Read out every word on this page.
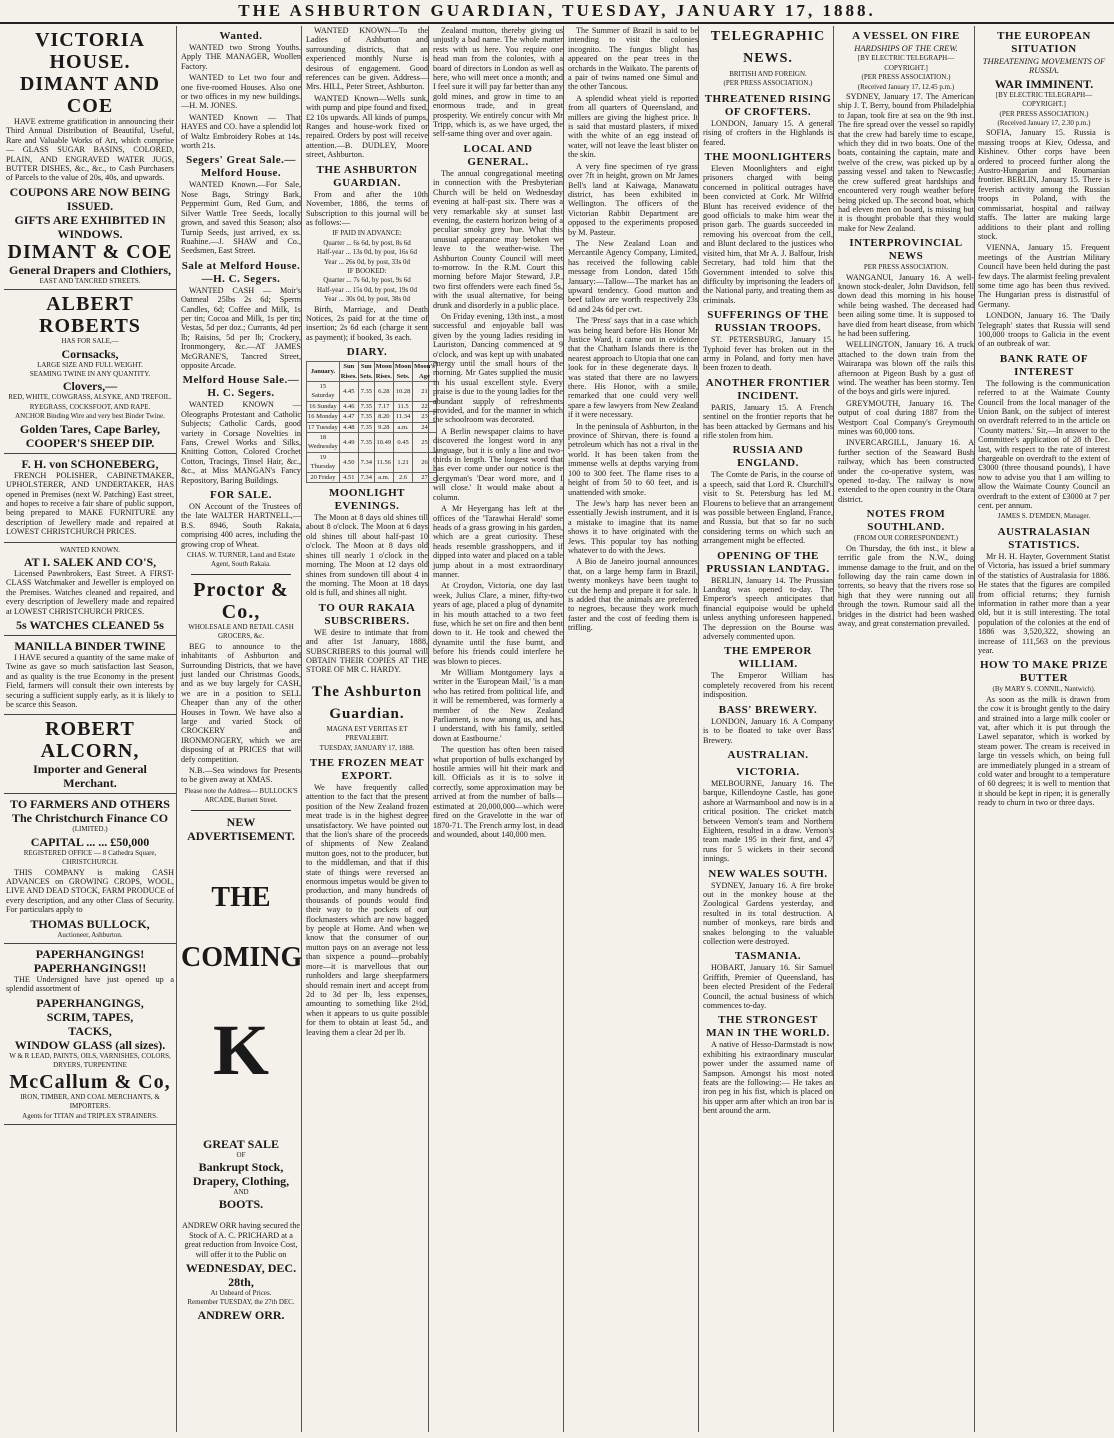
THE ASHBURTON GUARDIAN, TUESDAY, JANUARY 17, 1888.
VICTORIA HOUSE.
DIMANT AND COE

HAVE extreme gratification in announcing their Third Annual Distribution of Beautiful, Useful, Rare and Valuable Works of Art, which comprise — GLASS SUGAR BASINS, COLORED, PLAIN, AND ENGRAVED WATER JUGS, BUTTER DISHES, &c., &c., to Cash Purchasers of Parcels to the value of 20s, 40s, and upwards.

COUPONS ARE NOW BEING ISSUED.
GIFTS ARE EXHIBITED IN WINDOWS.
DIMANT & COE
General Drapers and Clothiers,
EAST AND TANCRED STREETS.
ALBERT ROBERTS
HAS FOR SALE,—
Cornsacks,
LARGE SIZE AND FULL WEIGHT.
SEAMING TWINE IN ANY QUANTITY.
Clovers,—
RED, WHITE, COWGRASS, ALSYKE, AND TREFOIL. RYEGRASS, COCKSFOOT, AND RAPE.
ANCHOR Binding Wire and very best Binder Twine.
Golden Tares, Cape Barley,
COOPER'S SHEEP DIP.
F. H. von SCHONEBERG,

FRENCH POLISHER, CABINETMAKER, UPHOLSTERER, AND UNDERTAKER, HAS opened in Premises (next W. Patching) East street, and hopes to receive a fair share of public support, being prepared to MAKE FURNITURE any description of Jewellery made and repaired at LOWEST CHRISTCHURCH PRICES.

WANTED KNOWN.
AT I. SALEK AND CO'S,

Licensed Pawnbrokers, East Street. A FIRST-CLASS Watchmaker and Jeweller is employed on the Premises. Watches cleaned and repaired, and every description of Jewellery made and repaired at LOWEST CHRISTCHURCH PRICES.

5s WATCHES CLEANED 5s
MANILLA BINDER TWINE

I HAVE secured a quantity of the same make of Twine as gave so much satisfaction last Season, and as quality is the true Economy in the present Field, farmers will consult their own interests by securing a sufficient supply early, as it is likely to be scarce this Season.

ROBERT ALCORN,
Importer and General Merchant.
TO FARMERS AND OTHERS
The Christchurch Finance CO
(LIMITED.)
CAPITAL ... ... £50,000
REGISTERED OFFICE — 8 Cathedra Square, CHRISTCHURCH.

THIS COMPANY is making CASH ADVANCES on GROWING CROPS, WOOL, LIVE AND DEAD STOCK, FARM PRODUCE of every description, and any other Class of Security. For particulars apply to

THOMAS BULLOCK,
Auctioneer, Ashburton.
PAPERHANGINGS!
PAPERHANGINGS!!

THE Undersigned have just opened up a splendid assortment of

PAPERHANGINGS,
SCRIM, TAPES,
TACKS,
WINDOW GLASS (all sizes).
W & R LEAD, PAINTS, OILS, VARNISHES, COLORS, DRYERS, TURPENTINE
McCallum & Co,
IRON, TIMBER, AND COAL MERCHANTS, & IMPORTERS.
Agents for TITAN and TRIPLEX STRAINERS.
Wanted.

WANTED two Strong Youths. Apply THE MANAGER, Woollen Factory.

WANTED to Let two four and one five-roomed Houses. Also one or two offices in my new buildings.—H. M. JONES.

WANTED Known — That HAYES and CO. have a splendid lot of Waltz Embroidery Robes at 14s. worth 21s.

Segers' Great Sale.—Melford House.

WANTED Known.—For Sale, Nose Bags, Stringy Bark, Peppermint Gum, Red Gum, and Silver Wattle Tree Seeds, locally grown, and saved this Season; also Turnip Seeds, just arrived, ex ss. Ruahine.—J. SHAW and Co., Seedsmen, East Street.

Sale at Melford House.—H. C. Segers.

WANTED CASH — Moir's Oatmeal 25lbs 2s 6d; Sperm Candles, 6d; Coffee and Milk, 1s per tin; Cocoa and Milk, 1s per tin; Vestas, 5d per doz.; Currants, 4d per lb; Raisins, 5d per lb; Crockery, Ironmongery, &c.—AT JAMES McGRANE'S, Tancred Street, opposite Arcade.

Melford House Sale.—H. C. Segers.

WANTED KNOWN — Oleographs Protestant and Catholic Subjects; Catholic Cards, good variety in Corsage Novelties in Fans, Crewel Works and Silks, Knitting Cotton, Colored Crochet Cotton, Tracings, Tinsel Hair, &c., &c., at Miss MANGAN's Fancy Repository, Baring Buildings.

FOR SALE.

ON Account of the Trustees of the late WALTER HARTNELL,— B.S. 8946, South Rakaia, comprising 400 acres, including the growing crop of Wheat.

CHAS. W. TURNER, Land and Estate Agent, South Rakaia.
Proctor & Co.,
WHOLESALE AND RETAIL CASH GROCERS, &c.

BEG to announce to the inhabitants of Ashburton and Surrounding Districts, that we have just landed our Christmas Goods, and as we buy largely for CASH, we are in a position to SELL Cheaper than any of the other Houses in Town. We have also a large and varied Stock of CROCKERY and IRONMONGERY, which we are disposing of at PRICES that will defy competition.

N.B.—Sea windows for Presents to be given away at XMAS.

Please note the Address— BULLOCK'S ARCADE, Burnett Street.
NEW ADVERTISEMENT.
THE
COMING
K
GREAT SALE
OF
Bankrupt Stock,
Drapery, Clothing,
AND
BOOTS.

ANDREW ORR having secured the Stock of A. C. PRICHARD at a great reduction from Invoice Cost, will offer it to the Public on

WEDNESDAY, DEC. 28th,
At Unheard of Prices.
Remember TUESDAY, the 27th DEC.
ANDREW ORR.

WANTED KNOWN—To the Ladies of Ashburton and surrounding districts, that an experienced monthly Nurse is desirous of engagement. Good references can be given. Address—Mrs. HILL, Peter Street, Ashburton.

WANTED Known—Wells sunk, with pump and pipe found and fixed, £2 10s upwards. All kinds of pumps, Ranges and house-work fixed or repaired. Orders by post will receive attention.—B. DUDLEY, Moore street, Ashburton.

THE ASHBURTON GUARDIAN.

From and after the 10th November, 1886, the terms of Subscription to this journal will be as follows:—

IF PAID IN ADVANCE:
Quarter ... 6s 6d, by post, 8s 6d
Half-year ... 13s 0d, by post, 16s 6d
Year ... 26s 0d, by post, 33s 0d
IF BOOKED:
Quarter ... 7s 6d, by post, 9s 6d
Half-year ... 15s 0d, by post, 19s 0d
Year ... 30s 0d, by post, 38s 0d

Birth, Marriage, and Death Notices, 2s paid for at the time of insertion; 2s 6d each (charge it sent as payment); if booked, 3s each.

DIARY.
January.	Sun Rises.	Sun Sets.	Moon Rises.	Moon Sets.	Moon's Age
15 Saturday	4.45	7.35	6.28	10.28	21
16 Sunday	4.46	7.35	7.17	11.5	22
16 Monday	4.47	7.35	8.20	11.34	23
17 Tuesday	4.48	7.35	9.28	a.m.	24
18 Wednesday	4.49	7.35	10.49	0.45	25
19 Thursday	4.50	7.34	11.56	1.21	26
20 Friday	4.51	7.34	a.m.	2.6	27
MOONLIGHT EVENINGS.

The Moon at 8 days old shines till about 8 o'clock. The Moon at 6 days old shines till about half-past 10 o'clock. The Moon at 8 days old shines till nearly 1 o'clock in the morning. The Moon at 12 days old shines from sundown till about 4 in the morning. The Moon at 18 days old is full, and shines all night.

TO OUR RAKAIA SUBSCRIBERS.

WE desire to intimate that from and after 1st January, 1888, SUBSCRIBERS to this journal will OBTAIN THEIR COPIES AT THE STORE OF MR C. HARDY.

The Ashburton Guardian.
MAGNA EST VERITAS ET PREVALEBIT.
TUESDAY, JANUARY 17, 1888.
THE FROZEN MEAT EXPORT.

We have frequently called attention to the fact that the present position of the New Zealand frozen meat trade is in the highest degree unsatisfactory. We have pointed out that the lion's share of the proceeds of shipments of New Zealand mutton goes, not to the producer, but to the middleman, and that if this state of things were reversed an enormous impetus would be given to production, and many hundreds of thousands of pounds would find their way to the pockets of our flockmasters which are now bagged by people at Home. And when we know that the consumer of our mutton pays on an average not less than sixpence a pound—probably more—it is marvellous that our runholders and large sheepfarmers should remain inert and accept from 2d to 3d per lb, less expenses, amounting to something like 2½d, when it appears to us quite possible for them to obtain at least 5d., and leaving them a clear 2d per lb.

Zealand mutton, thereby giving us unjustly a bad name. The whole matter rests with us here. You require one head man from the colonies, with a board of directors in London as well as here, who will meet once a month; and I feel sure it will pay far better than any gold mines, and grow in time to an enormous trade, and in great prosperity. We entirely concur with Mr Tripp, which is, as we have urged, the self-same thing over and over again.

LOCAL AND GENERAL.

The annual congregational meeting in connection with the Presbyterian Church will be held on Wednesday evening at half-past six. There was a very remarkable sky at sunset last evening, the eastern horizon being of a peculiar smoky grey hue. What this unusual appearance may betoken we leave to the weather-wise. The Ashburton County Council will meet to-morrow. In the R.M. Court this morning before Major Steward, J.P., two first offenders were each fined 5s, with the usual alternative, for being drunk and disorderly in a public place.

On Friday evening, 13th inst., a most successful and enjoyable ball was given by the young ladies residing in Lauriston, Dancing commenced at 9 o'clock, and was kept up with unabated energy until the small hours of the morning. Mr Gates supplied the music in his usual excellent style. Every praise is due to the young ladies for the abundant supply of refreshments provided, and for the manner in which the schoolroom was decorated.

A Berlin newspaper claims to have discovered the longest word in any language, but it is only a line and two-thirds in length. The longest word that has ever come under our notice is the clergyman's 'Dear word more, and I will close.' It would make about a column.

A Mr Heyergang has left at the offices of the 'Tarawhai Herald' some heads of a grass growing in his garden, which are a great curiosity. These heads resemble grasshoppers, and if dipped into water and placed on a table jump about in a most extraordinary manner.

At Croydon, Victoria, one day last week, Julius Clare, a miner, fifty-two years of age, placed a plug of dynamite in his mouth attached to a two feet fuse, which he set on fire and then bent down to it. He took and chewed the dynamite until the fuse burnt, and before his friends could interfere he was blown to pieces.

Mr William Montgomery lays a writer in the 'European Mail,' 'is a man who has retired from political life, and it will be remembered, was formerly a member of the New Zealand Parliament, is now among us, and has, I understand, with his family, settled down at Eastbourne.'

The question has often been raised what proportion of bulls exchanged by hostile armies will hit their mark and kill. Officials as it is to solve it correctly, some approximation may be arrived at from the number of balls—estimated at 20,000,000—which were fired on the Gravelotte in the war of 1870-71. The French army lost, in dead and wounded, about 140,000 men.

The Summer of Brazil is said to be intending to visit the colonies incognito. The fungus blight has appeared on the pear trees in the orchards in the Waikato. The parents of a pair of twins named one Simul and the other Tancous.

A splendid wheat yield is reported from all quarters of Queensland, and millers are giving the highest price. It is said that mustard plasters, if mixed with the white of an egg instead of water, will not leave the least blister on the skin.

A very fine specimen of rye grass over 7ft in height, grown on Mr James Bell's land at Kaiwaga, Manawatu district, has been exhibited in Wellington. The officers of the Victorian Rabbit Department are opposed to the experiments proposed by M. Pasteur.

The New Zealand Loan and Mercantile Agency Company, Limited, has received the following cable message from London, dated 15th January:—Tallow—The market has an upward tendency. Good mutton and beef tallow are worth respectively 23s 6d and 24s 6d per cwt.

The 'Press' says that in a case which was being heard before His Honor Mr Justice Ward, it came out in evidence that the Chatham Islands there is the nearest approach to Utopia that one can look for in these degenerate days. It was stated that there are no lawyers there. His Honor, with a smile, remarked that one could very well spare a few lawyers from New Zealand if it were necessary.

In the peninsula of Ashburton, in the province of Shirvan, there is found a petroleum which has not a rival in the world. It has been taken from the immense wells at depths varying from 100 to 300 feet. The flame rises to a height of from 50 to 60 feet, and is unattended with smoke.

The Jew's harp has never been an essentially Jewish instrument, and it is a mistake to imagine that its name shows it to have originated with the Jews. This popular toy has nothing whatever to do with the Jews.

A Bio de Janeiro journal announces that, on a large hemp farm in Brazil, twenty monkeys have been taught to cut the hemp and prepare it for sale. It is added that the animals are preferred to negroes, because they work much faster and the cost of feeding them is trifling.

TELEGRAPHIC NEWS.
BRITISH AND FOREIGN.
(PER PRESS ASSOCIATION.)
THREATENED RISING OF CROFTERS.

LONDON, January 15. A general rising of crofters in the Highlands is feared.

THE MOONLIGHTERS

Eleven Moonlighters and eight prisoners charged with being concerned in political outrages have been convicted at Cork. Mr Wilfrid Blunt has received evidence of the good officials to make him wear the prison garb. The guards succeeded in removing his overcoat from the cell, and Blunt declared to the justices who visited him, that Mr A. J. Balfour, Irish Secretary, had told him that the Government intended to solve this difficulty by imprisoning the leaders of the National party, and treating them as criminals.

SUFFERINGS OF THE RUSSIAN TROOPS.

ST. PETERSBURG, January 15. Typhoid fever has broken out in the army in Poland, and forty men have been frozen to death.

ANOTHER FRONTIER INCIDENT.

PARIS, January 15. A French sentinel on the frontier reports that he has been attacked by Germans and his rifle stolen from him.

RUSSIA AND ENGLAND.

The Comte de Paris, in the course of a speech, said that Lord R. Churchill's visit to St. Petersburg has led M. Flourens to believe that an arrangement was possible between England, France, and Russia, but that so far no such considering terms on which such an arrangement might be effected.

OPENING OF THE PRUSSIAN LANDTAG.

BERLIN, January 14. The Prussian Landtag was opened to-day. The Emperor's speech anticipates that financial equipoise would be upheld unless anything unforeseen happened. The depression on the Bourse was adversely commented upon.

THE EMPEROR WILLIAM.

The Emperor William has completely recovered from his recent indisposition.

BASS' BREWERY.

LONDON, January 16. A Company is to be floated to take over Bass' Brewery.

AUSTRALIAN.
VICTORIA.

MELBOURNE, January 16. The barque, Killendoyne Castle, has gone ashore at Warrnambool and now is in a critical position. The cricket match between Vernon's team and Northern Eighteen, resulted in a draw. Vernon's team made 195 in their first, and 47 runs for 5 wickets in their second innings.

NEW WALES SOUTH.

SYDNEY, January 16. A fire broke out in the monkey house at the Zoological Gardens yesterday, and resulted in its total destruction. A number of monkeys, rare birds and snakes belonging to the valuable collection were destroyed.

TASMANIA.

HOBART, January 16. Sir Samuel Griffith, Premier of Queensland, has been elected President of the Federal Council, the actual business of which commences to-day.

THE STRONGEST MAN IN THE WORLD.

A native of Hesso-Darmstadt is now exhibiting his extraordinary muscular power under the assumed name of Sampson. Amongst his most noted feats are the following:— He takes an iron peg in his fist, which is placed on his upper arm after which an iron bar is bent around the arm.

A VESSEL ON FIRE
HARDSHIPS OF THE CREW.
[BY ELECTRIC TELEGRAPH—COPYRIGHT.]
(PER PRESS ASSOCIATION.)
(Received January 17, 12.45 p.m.)

SYDNEY, January 17. The American ship J. T. Berry, bound from Philadelphia to Japan, took fire at sea on the 9th inst. The fire spread over the vessel so rapidly that the crew had barely time to escape, which they did in two boats. One of the boats, containing the captain, mate and twelve of the crew, was picked up by a passing vessel and taken to Newcastle; the crew suffered great hardships and encountered very rough weather before being picked up. The second boat, which had eleven men on board, is missing but it is thought probable that they would make for New Zealand.

INTERPROVINCIAL NEWS
PER PRESS ASSOCIATION.

WANGANUI, January 16. A well-known stock-dealer, John Davidson, fell down dead this morning in his house while being washed. The deceased had been ailing some time. It is supposed to have died from heart disease, from which he had been suffering.

WELLINGTON, January 16. A truck attached to the down train from the Wairarapa was blown off the rails this afternoon at Pigeon Bush by a gust of wind. The weather has been stormy. Ten of the boys and girls were injured.

GREYMOUTH, January 16. The output of coal during 1887 from the Westport Coal Company's Greymouth mines was 60,000 tons.

INVERCARGILL, January 16. A further section of the Seaward Bush railway, which has been constructed under the co-operative system, was opened to-day. The railway is now extended to the open country in the Otara district.

NOTES FROM SOUTHLAND.
(FROM OUR CORRESPONDENT.)

On Thursday, the 6th inst., it blew a terrific gale from the N.W., doing immense damage to the fruit, and on the following day the rain came down in torrents, so heavy that the rivers rose so high that they were running out all through the town. Rumour said all the bridges in the district had been washed away, and great consternation prevailed.

THE EUROPEAN SITUATION
THREATENING MOVEMENTS OF RUSSIA.
WAR IMMINENT.
[BY ELECTRIC TELEGRAPH—COPYRIGHT.]
(PER PRESS ASSOCIATION.)
(Received January 17, 2.30 p.m.)

SOFIA, January 15. Russia is massing troops at Kiev, Odessa, and Kishinev. Other corps have been ordered to proceed further along the Austro-Hungarian and Roumanian frontier. BERLIN, January 15. There is feverish activity among the Russian troops in Poland, with the commissariat, hospital and railway staffs. The latter are making large additions to their plant and rolling stock.

VIENNA, January 15. Frequent meetings of the Austrian Military Council have been held during the past few days. The alarmist feeling prevalent some time ago has been thus revived. The Hungarian press is distrustful of Germany.

LONDON, January 16. The 'Daily Telegraph' states that Russia will send 100,000 troops to Galicia in the event of an outbreak of war.

BANK RATE OF INTEREST

The following is the communication referred to at the Waimate County Council from the local manager of the Union Bank, on the subject of interest on overdraft referred to in the article on 'County matters.' Sir,—In answer to the Committee's application of 28 th Dec. last, with respect to the rate of interest chargeable on overdraft to the extent of £3000 (three thousand pounds), I have now to advise you that I am willing to allow the Waimate County Council an overdraft to the extent of £3000 at 7 per cent. per annum.

JAMES S. D'EMDEN, Manager.
AUSTRALASIAN STATISTICS.

Mr H. H. Hayter, Government Statist of Victoria, has issued a brief summary of the statistics of Australasia for 1886. He states that the figures are compiled from official returns; they furnish information in rather more than a year old, but it is still interesting. The total population of the colonies at the end of 1886 was 3,520,322, showing an increase of 111,563 on the previous year.

HOW TO MAKE PRIZE BUTTER
(By MARY S. CONNIL, Nantwich).

As soon as the milk is drawn from the cow it is brought gently to the dairy and strained into a large milk cooler or vat, after which it is put through the Lawel separator, which is worked by steam power. The cream is received in large tin vessels which, on being full are immediately plunged in a stream of cold water and brought to a temperature of 60 degrees; it is well to mention that it should be kept in ripen; it is generally ready to churn in two or three days.
